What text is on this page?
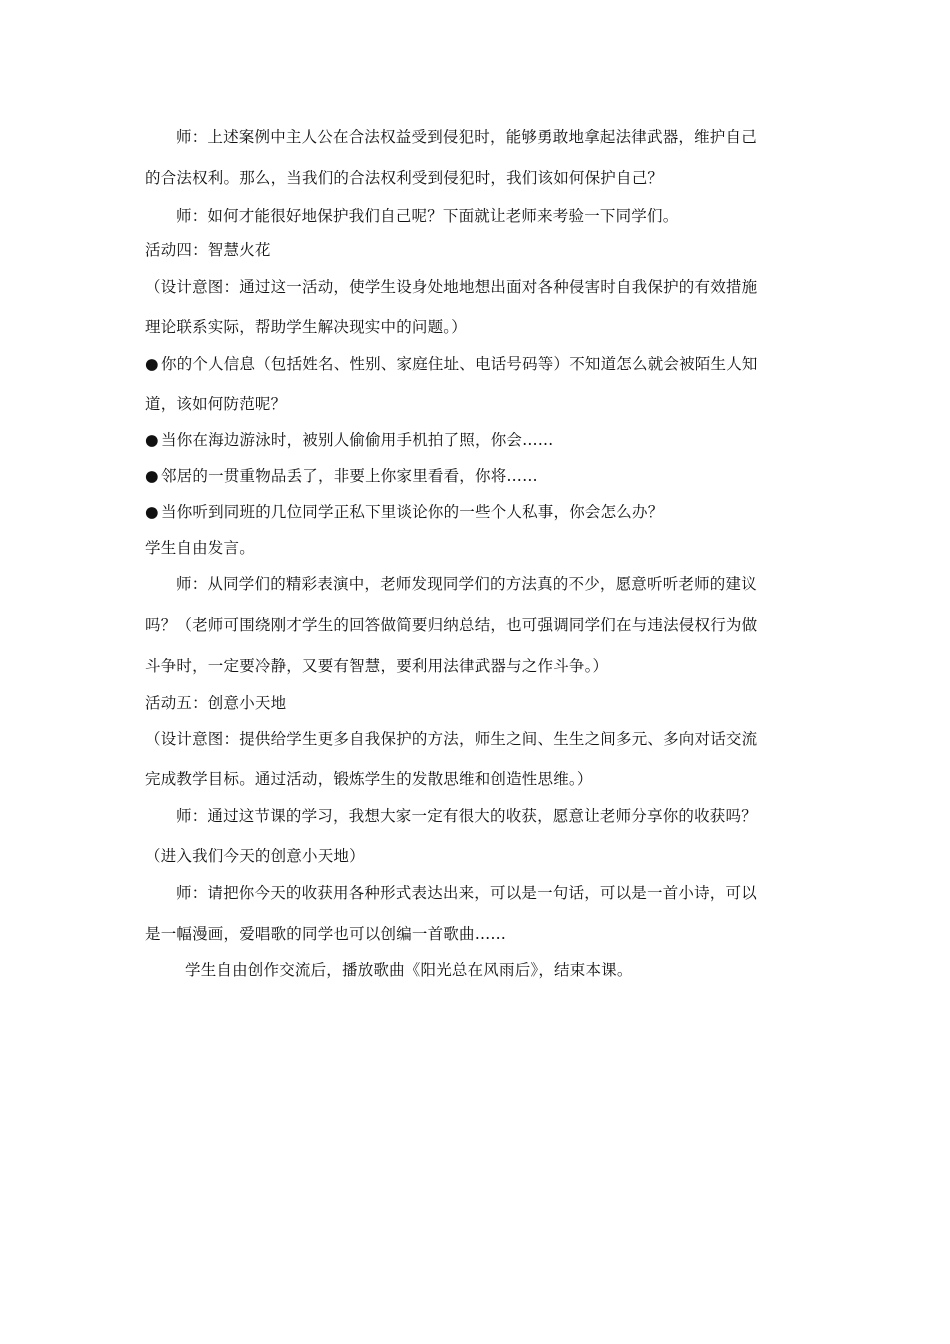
师：上述案例中主人公在合法权益受到侵犯时，能够勇敢地拿起法律武器，维护自己
的合法权利。那么，当我们的合法权利受到侵犯时，我们该如何保护自己？
师：如何才能很好地保护我们自己呢？下面就让老师来考验一下同学们。
活动四：智慧火花
（设计意图：通过这一活动，使学生设身处地地想出面对各种侵害时自我保护的有效措施
理论联系实际，帮助学生解决现实中的问题。）
● 你的个人信息（包括姓名、性别、家庭住址、电话号码等）不知道怎么就会被陌生人知
道，该如何防范呢？
● 当你在海边游泳时，被别人偷偷用手机拍了照，你会……
● 邻居的一贯重物品丢了，非要上你家里看看，你将……
● 当你听到同班的几位同学正私下里谈论你的一些个人私事，你会怎么办？
学生自由发言。
师：从同学们的精彩表演中，老师发现同学们的方法真的不少，愿意听听老师的建议
吗？（老师可围绕刚才学生的回答做简要归纳总结，也可强调同学们在与违法侵权行为做
斗争时，一定要冷静，又要有智慧，要利用法律武器与之作斗争。）
活动五：创意小天地
（设计意图：提供给学生更多自我保护的方法，师生之间、生生之间多元、多向对话交流
完成教学目标。通过活动，锻炼学生的发散思维和创造性思维。）
师：通过这节课的学习，我想大家一定有很大的收获，愿意让老师分享你的收获吗？
（进入我们今天的创意小天地）
师：请把你今天的收获用各种形式表达出来，可以是一句话，可以是一首小诗，可以
是一幅漫画，爱唱歌的同学也可以创编一首歌曲……
学生自由创作交流后，播放歌曲《阳光总在风雨后》，结束本课。
